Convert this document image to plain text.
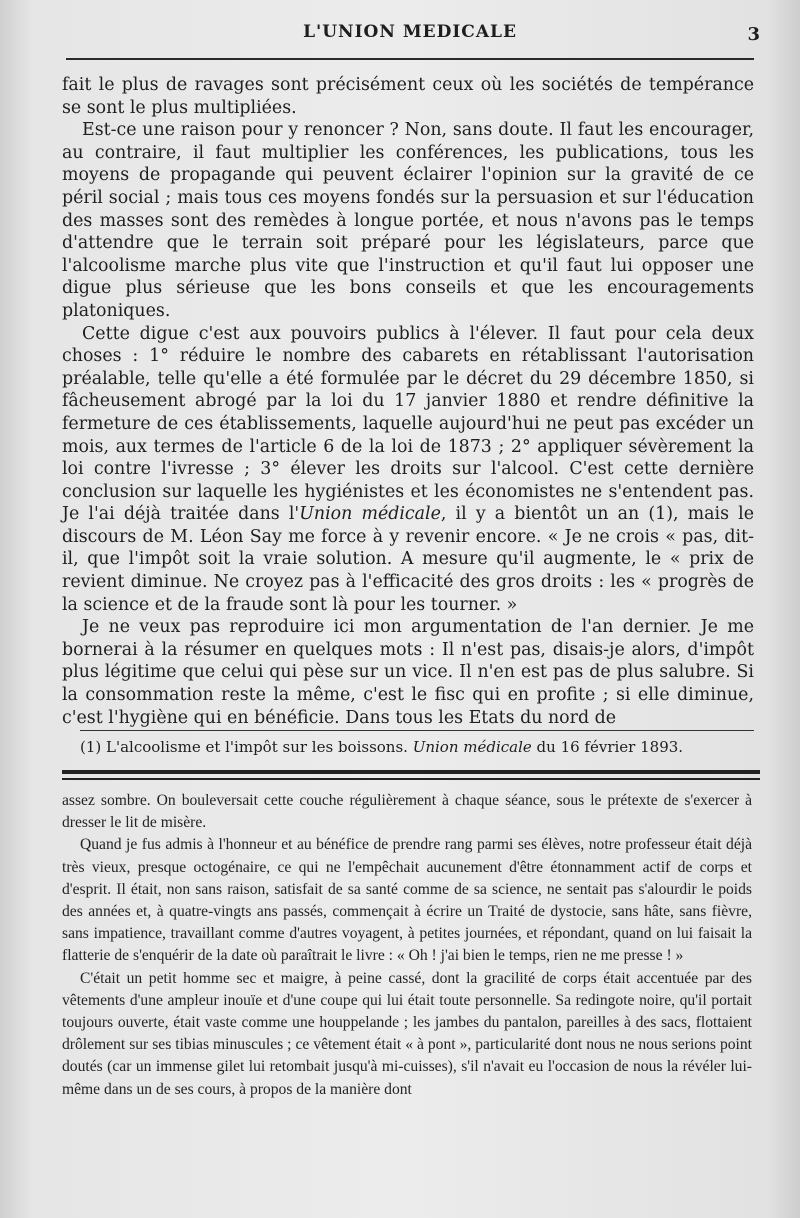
L'UNION MEDICALE	3

fait le plus de ravages sont précisément ceux où les sociétés de tempérance se sont le plus multipliées.

Est-ce une raison pour y renoncer ? Non, sans doute. Il faut les encourager, au contraire, il faut multiplier les conférences, les publications, tous les moyens de propagande qui peuvent éclairer l'opinion sur la gravité de ce péril social ; mais tous ces moyens fondés sur la persuasion et sur l'éducation des masses sont des remèdes à longue portée, et nous n'avons pas le temps d'attendre que le terrain soit préparé pour les législateurs, parce que l'alcoolisme marche plus vite que l'instruction et qu'il faut lui opposer une digue plus sérieuse que les bons conseils et que les encouragements platoniques.

Cette digue c'est aux pouvoirs publics à l'élever. Il faut pour cela deux choses : 1° réduire le nombre des cabarets en rétablissant l'autorisation préalable, telle qu'elle a été formulée par le décret du 29 décembre 1850, si fâcheusement abrogé par la loi du 17 janvier 1880 et rendre définitive la fermeture de ces établissements, laquelle aujourd'hui ne peut pas excéder un mois, aux termes de l'article 6 de la loi de 1873 ; 2° appliquer sévèrement la loi contre l'ivresse ; 3° élever les droits sur l'alcool. C'est cette dernière conclusion sur laquelle les hygiénistes et les économistes ne s'entendent pas. Je l'ai déjà traitée dans l'Union médicale, il y a bientôt un an (1), mais le discours de M. Léon Say me force à y revenir encore. « Je ne crois « pas, dit-il, que l'impôt soit la vraie solution. A mesure qu'il augmente, le « prix de revient diminue. Ne croyez pas à l'efficacité des gros droits : les « progrès de la science et de la fraude sont là pour les tourner. »

Je ne veux pas reproduire ici mon argumentation de l'an dernier. Je me bornerai à la résumer en quelques mots : Il n'est pas, disais-je alors, d'impôt plus légitime que celui qui pèse sur un vice. Il n'en est pas de plus salubre. Si la consommation reste la même, c'est le fisc qui en profite ; si elle diminue, c'est l'hygiène qui en bénéficie. Dans tous les Etats du nord de

(1) L'alcoolisme et l'impôt sur les boissons. Union médicale du 16 février 1893.

assez sombre. On bouleversait cette couche régulièrement à chaque séance, sous le prétexte de s'exercer à dresser le lit de misère.

Quand je fus admis à l'honneur et au bénéfice de prendre rang parmi ses élèves, notre professeur était déjà très vieux, presque octogénaire, ce qui ne l'empêchait aucunement d'être étonnamment actif de corps et d'esprit. Il était, non sans raison, satisfait de sa santé comme de sa science, ne sentait pas s'alourdir le poids des années et, à quatre-vingts ans passés, commençait à écrire un Traité de dystocie, sans hâte, sans fièvre, sans impatience, travaillant comme d'autres voyagent, à petites journées, et répondant, quand on lui faisait la flatterie de s'enquérir de la date où paraîtrait le livre : « Oh ! j'ai bien le temps, rien ne me presse ! »

C'était un petit homme sec et maigre, à peine cassé, dont la gracilité de corps était accentuée par des vêtements d'une ampleur inouïe et d'une coupe qui lui était toute personnelle. Sa redingote noire, qu'il portait toujours ouverte, était vaste comme une houppelande ; les jambes du pantalon, pareilles à des sacs, flottaient drôlement sur ses tibias minuscules ; ce vêtement était « à pont », particularité dont nous ne nous serions point doutés (car un immense gilet lui retombait jusqu'à mi-cuisses), s'il n'avait eu l'occasion de nous la révéler lui-même dans un de ses cours, à propos de la manière dont
